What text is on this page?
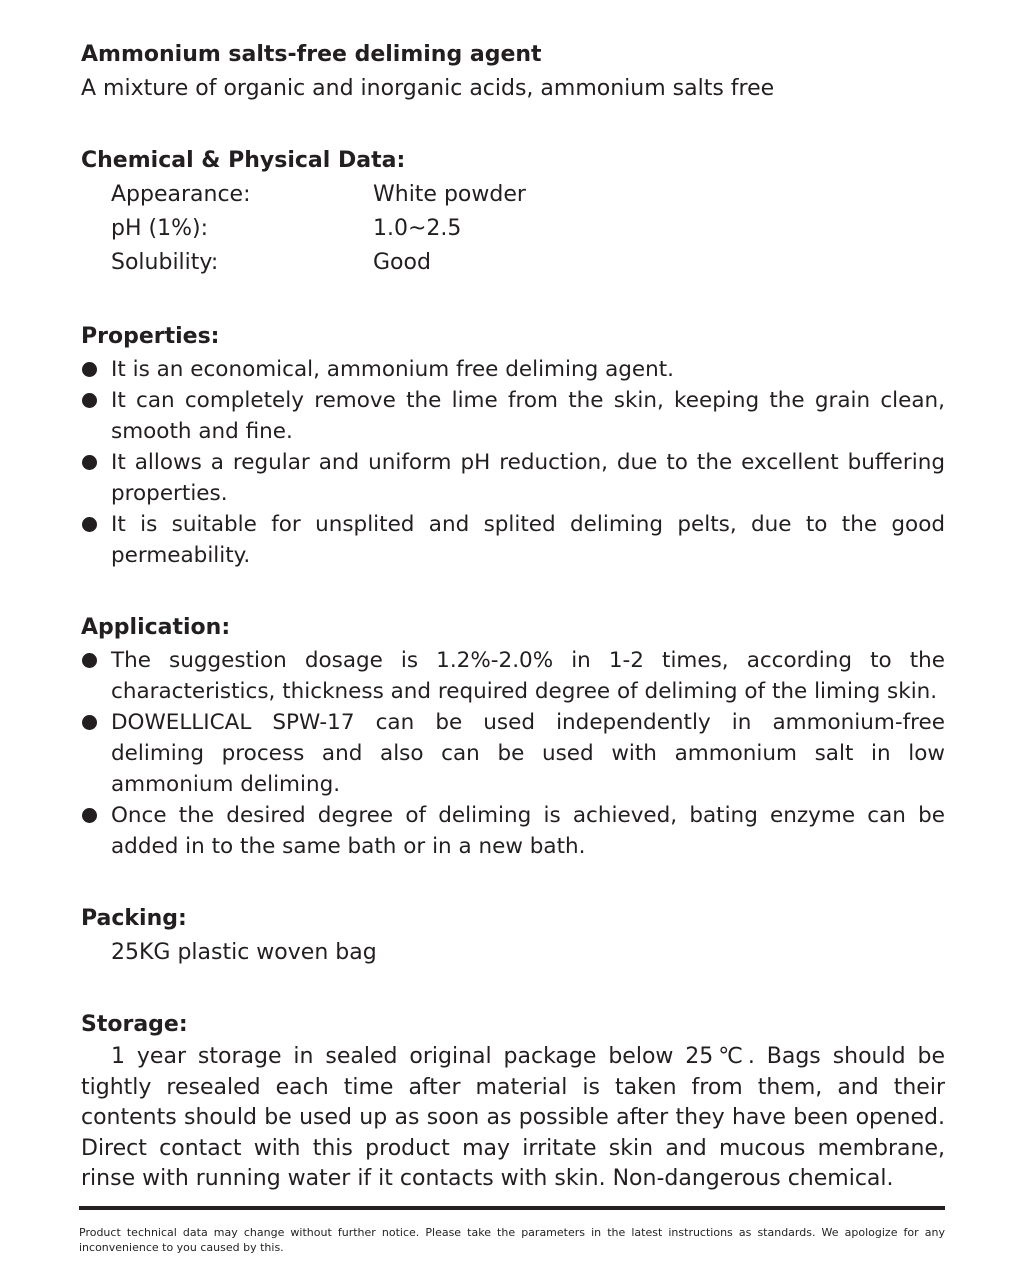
Ammonium salts-free deliming agent

A mixture of organic and inorganic acids, ammonium salts free

Chemical & Physical Data:
Appearance:	White powder
pH (1%):	1.0~2.5
Solubility:	Good
Properties:
It is an economical, ammonium free deliming agent.
It can completely remove the lime from the skin, keeping the grain clean, smooth and fine.
It allows a regular and uniform pH reduction, due to the excellent buffering properties.
It is suitable for unsplited and splited deliming pelts, due to the good permeability.
Application:
The suggestion dosage is 1.2%-2.0% in 1-2 times, according to the characteristics, thickness and required degree of deliming of the liming skin.
DOWELLICAL SPW-17 can be used independently in ammonium-free deliming process and also can be used with ammonium salt in low ammonium deliming.
Once the desired degree of deliming is achieved, bating enzyme can be added in to the same bath or in a new bath.
Packing:

25KG plastic woven bag

Storage:

1 year storage in sealed original package below 25℃. Bags should be tightly resealed each time after material is taken from them, and their contents should be used up as soon as possible after they have been opened. Direct contact with this product may irritate skin and mucous membrane, rinse with running water if it contacts with skin. Non-dangerous chemical.

Product technical data may change without further notice. Please take the parameters in the latest instructions as standards. We apologize for any inconvenience to you caused by this.
